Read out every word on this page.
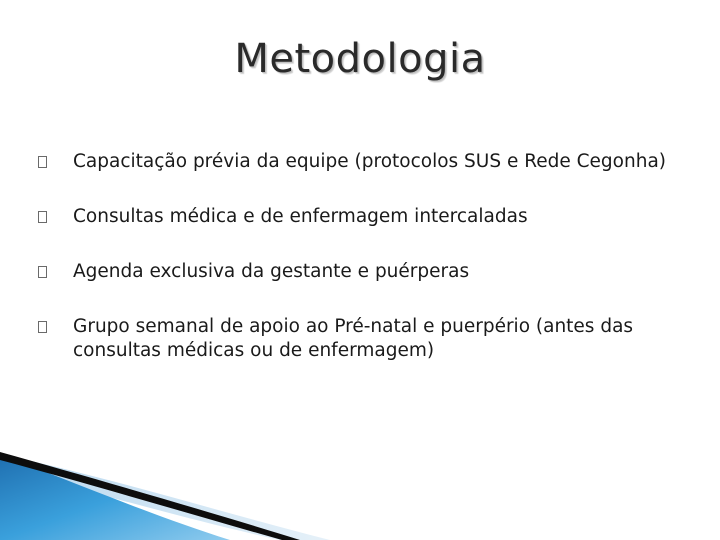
Metodologia
Capacitação prévia da equipe (protocolos SUS e Rede Cegonha)
Consultas médica e de enfermagem intercaladas
Agenda exclusiva da gestante e puérperas
Grupo semanal de apoio ao Pré-natal e puerpério (antes das consultas médicas ou de enfermagem)
